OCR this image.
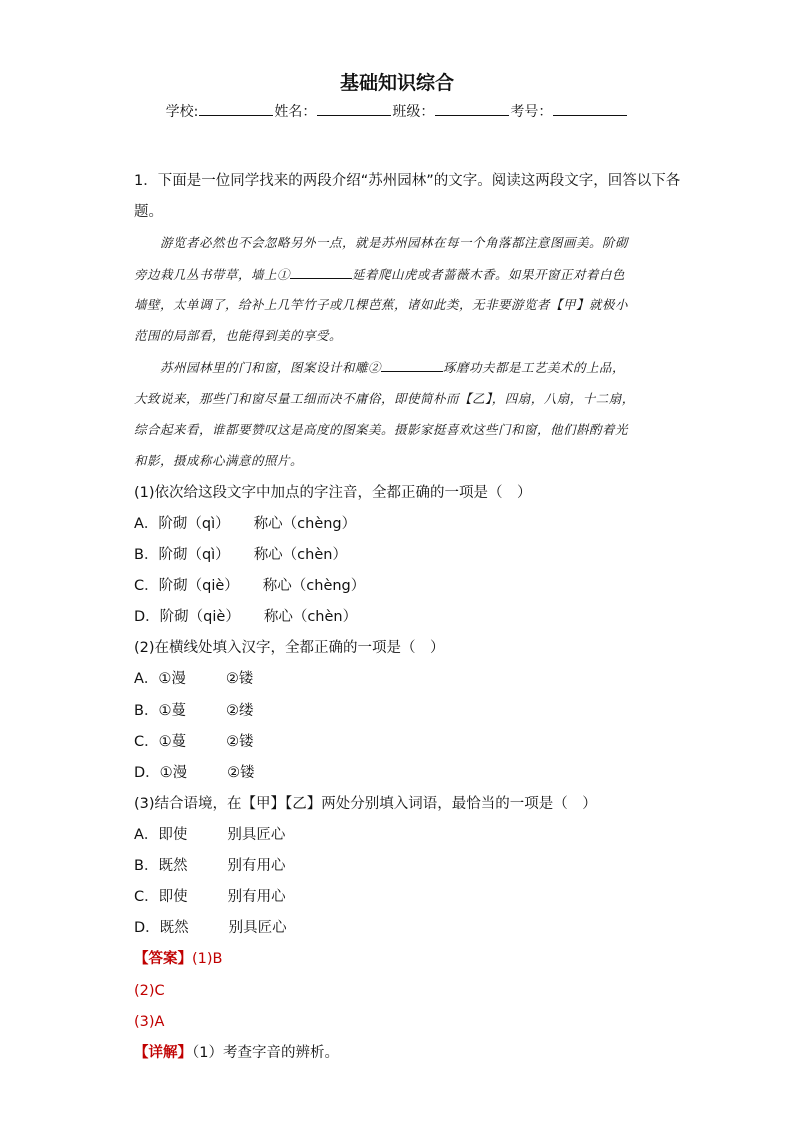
基础知识综合
学校:	姓名：	班级：	考号：
1．下面是一位同学找来的两段介绍“苏州园林”的文字。阅读这两段文字，回答以下各
题。
游览者必然也不会忽略另外一点，就是苏州园林在每一个角落都注意图画美。阶砌
旁边栽几丛书带草，墙上①	延着爬山虎或者蔷薇木香。如果开窗正对着白色
墙壁，太单调了，给补上几竿竹子或几棵芭蕉，诸如此类，无非要游览者【甲】就极小
范围的局部看，也能得到美的享受。
苏州园林里的门和窗，图案设计和雕②	琢磨功夫都是工艺美术的上品，
大致说来，那些门和窗尽量工细而决不庸俗，即使简朴而【乙】，四扇，八扇，十二扇，
综合起来看，谁都要赞叹这是高度的图案美。摄影家挺喜欢这些门和窗，他们斟酌着光
和影，摄成称心满意的照片。
(1)依次给这段文字中加点的字注音，全都正确的一项是（　）
A．阶砌（qì） 称心（chèng）
B．阶砌（qì） 称心（chèn）
C．阶砌（qiè） 称心（chèng）
D．阶砌（qiè） 称心（chèn）
(2)在横线处填入汉字，全都正确的一项是（　）
A．①漫	②镂
B．①蔓	②缕
C．①蔓	②镂
D．①漫	②镂
(3)结合语境，在【甲】【乙】两处分别填入词语，最恰当的一项是（　）
A．即使	别具匠心
B．既然	别有用心
C．即使	别有用心
D．既然	别具匠心
【答案】(1)B
(2)C
(3)A
【详解】（1）考查字音的辨析。
